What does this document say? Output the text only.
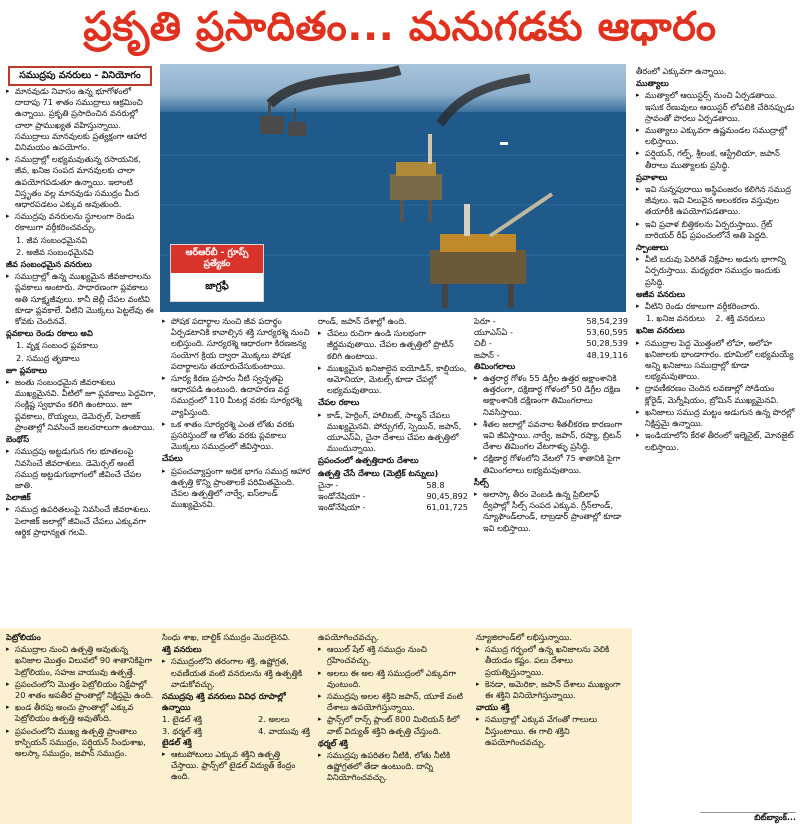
ప్రకృతి ప్రసాదితం... మనుగడకు ఆధారం
సముద్రపు వనరులు - వినియోగం

▸ మానవుడు నివాసం ఉన్న భూగోళంలో దాదాపు 71 శాతం సముద్రాలు ఆక్రమించి ఉన్నాయి. ప్రకృతి ప్రసాదించిన వనరుల్లో చాలా ప్రాముఖ్యత వహిస్తున్నాయి. సముద్రాలు మానవులకు ప్రత్యక్షంగా ఆహార వినిమయం ఉపయోగం.

▸ సముద్రాల్లో లభ్యమవుతున్న రసాయనిక, జీవ, ఖనిజ సంపద మానవులకు చాలా ఉపయోగపడుతూ ఉన్నాయి. ఇలాంటి విస్తృతం వల్ల మానవుడు సముద్రం మీద ఆధారపడటం ఎక్కువ అవుతుంది.

▸ సముద్రపు వనరులను స్థూలంగా రెండు రకాలుగా వర్గీకరించవచ్చు.

1. జీవ సంబంధమైనవి

2. అజీవ సంబంధమైనవి

జీవ సంబంధమైన వనరులు

▸ సముద్రాల్లో ఉన్న ముఖ్యమైన జీవజాలాలను ప్లవకాలు అంటారు. సాధారణంగా ప్లవకాలు అతి సూక్ష్మజీవులు. కానీ జెల్లీ చేపల వంటివి కూడా ప్లవకాలే. వీటిని మొక్కలు పెట్టలేవు ఈ కోవకు చెందినవే.

ప్లవకాలు రెండు రకాలు అవి

1. వృక్ష సంబంధ ప్లవకాలు

2. సముద్ర తృణాలు

జూ ప్లవకాలు

▸ జంతు సంబంధమైన జీవరాశులు ముఖ్యమైనవి. వీటిలో జూ ప్లవకాలు పెద్దవిగా, సంక్లిష్ట స్వభావం కలిగి ఉంటాయి. జూ ప్లవకాలు, రొయ్యలు, డెమెర్సల్, పెలాజిక్ ప్రాంతాల్లో నివసించే జలచరాలుగా ఉంటాయి.

బెంథోస్

▸ సముద్రపు అట్టడుగున గల భూతలంపై నివసించే జీవరాశులు. డెమెర్సల్ అంటే సముద్ర అట్టడుగుభాగంలో జీవించే చేపల జాతి.

పెలాజిక్

▸ సముద్ర ఉపరితలంపై నివసించే జీవరాశులు. పెలాజిక్ జలాల్లో జీవించే చేపలు ఎక్కువగా ఆర్థిక ప్రాధాన్యత గలవి.

ఆర్‌ఆర్‌బీ - గ్రూప్స్ ప్రత్యేకం
జాగ్రఫీ

▸ పోషక పదార్థాల నుంచి జీవ పదార్థం ఏర్పడటానికి కావాల్సిన శక్తి సూర్యరశ్మి నుంచి లభిస్తుంది. సూర్యరశ్మి ఆధారంగా కిరణజన్య సంయోగ క్రియ ద్వారా మొక్కలు పోషక పదార్థాలను తయారుచేసుకుంటాయి.

▸ సూర్య కిరణ ప్రసారం నీటి స్వచ్ఛతపై ఆధారపడి ఉంటుంది. ఉదాహరణ వద్ద సముద్రంలో 110 మీటర్ల వరకు సూర్యరశ్మి వ్యాపిస్తుంది.

▸ ఒక శాతం సూర్యరశ్మి ఎంత లోతు వరకు ప్రసరిస్తుందో ఆ లోతు వరకు ప్లవకాలు మొక్కలు సముద్రంలో జీవిస్తాయి.

చేపలు

▸ ప్రపంచవ్యాప్తంగా అధిక భాగం సముద్ర ఆహార ఉత్పత్తి కొన్ని ప్రాంతాలకే పరిమితమైంది. చేపల ఉత్పత్తిలో నార్వే, ఐస్‌లాండ్ ముఖ్యమైనవి.

రాండ్, జపాన్ దేశాల్లో ఉంది.

▸ చేపలు రుచిగా ఉండి సులభంగా జీర్ణమవుతాయి. చేపల ఉత్పత్తిలో ప్రొటీన్ కలిగి ఉంటాయి.

▸ ముఖ్యమైన ఖనిజాలైన ఐయోడిన్, కాల్షియం, అమోనియా, మెటల్స్ కూడా చేపల్లో లభ్యమవుతాయి.

చేపల రకాలు

▸ కాడ్, హెర్రింగ్, హాలిబట్, సాల్మన్ చేపలు ముఖ్యమైనవి. పోర్చుగల్, స్పెయిన్, జపాన్, యూఎస్‌ఏ, చైనా దేశాలు చేపల ఉత్పత్తిలో ముందున్నాయి.

ప్రపంచంలో ఉత్పత్తిదారు దేశాలు

ఉత్పత్తి చేసే దేశాలు (మెట్రిక్ టన్నులు)

చైనా -	58.8
ఇండోనేషియా -	90,45,892
ఇండోనేషియా -	61,01,725
పెరూ -	58,54,239
యూఎస్‌ఏ -	53,60,595
చిలీ -	50,28,539
జపాన్ -	48,19,116

తిమింగలాలు

▸ ఉత్తరార్ధ గోళం 55 డిగ్రీల ఉత్తర అక్షాంశానికి ఉత్తరంగా, దక్షిణార్ధ గోళంలో 50 డిగ్రీల దక్షిణ అక్షాంశానికి దక్షిణంగా తిమింగలాలు నివసిస్తాయి.

▸ శీతల జలాల్లో పవనాల శీతలీకరణ కారణంగా ఇవి జీవిస్తాయి. నార్వే, జపాన్, రష్యా, బ్రిటన్ దేశాల తిమింగల వేటగాళ్ళు ప్రసిద్ధి.

▸ దక్షిణార్ధ గోళంలోని వేటలో 75 శాతానికి పైగా తిమింగలాలు లభ్యమవుతాయి.

సీల్స్

▸ అలాస్కా తీరం వెంబడి ఉన్న ప్రిబిలాఫ్ ద్వీపాల్లో సీల్స్ సంపద ఎక్కువ. గ్రీన్‌లాండ్, న్యూఫౌండ్‌లాండ్, లాబ్రడార్ ప్రాంతాల్లో కూడా ఇవి లభిస్తాయి.

తీరంలో ఎక్కువగా ఉన్నాయి.

ముత్యాలు

▸ ముత్యాలో ఆయిస్టర్స్ నుంచి ఏర్పడతాయి. ఇసుక రేణువులు ఆయిస్టర్ లోపలికి చేరినప్పుడు స్రావంతో పొరలు ఏర్పడతాయి.

▸ ముత్యాలు ఎక్కువగా ఉష్ణమండల సముద్రాల్లో లభిస్తాయి.

▸ పర్షియన్, గల్ఫ్, శ్రీలంక, ఆస్ట్రేలియా, జపాన్ తీరాలు ముత్యాలకు ప్రసిద్ధి.

ప్రవాళాలు

▸ ఇవి సున్నపురాయి అస్థిపంజరం కలిగిన సముద్ర జీవులు. ఇవి విలువైన అలంకరణ వస్తువుల తయారీకి ఉపయోగపడతాయి.

▸ ఇవి ప్రవాళ బిత్తికలను ఏర్పరుస్తాయి. గ్రేట్ బారియర్ రీఫ్ ప్రపంచంలోనే అతి పెద్దది.

స్పాంజులు

▸ వీటి బరువు పెరిగితే నిక్షేపాల అడుగు భాగాన్ని ఏర్పరుస్తాయి. మధ్యధరా సముద్రం ఇందుకు ప్రసిద్ధి.

అజీవ వనరులు

▸ వీటిని రెండు రకాలుగా వర్గీకరించారు.

1. ఖనిజ వనరులు 2. శక్తి వనరులు

ఖనిజ వనరులు

▸ సముద్రాల పెద్ద మొత్తంలో లోహ, అలోహ ఖనిజాలకు భాండాగారం. భూమిలో లభ్యమయ్యే అన్ని ఖనిజాలు సముద్రాల్లో కూడా లభ్యమవుతాయి.

▸ ద్రావణీకరణం చెందిన లవణాల్లో సోడియం క్లోరైడ్, మెగ్నీషియం, బ్రోమిన్ ముఖ్యమైనవి.

▸ ఖనిజాలు సముద్ర మట్టం అడుగున ఉన్న పొరల్లో నిక్షిప్తమై ఉన్నాయి.

▸ ఇండియాలోని కేరళ తీరంలో ఇల్మెనైట్, మోనజైట్ లభిస్తాయి.

బిట్‌బ్యాంక్...

పెట్రోలియం

▸ సముద్రాల నుంచి ఉత్పత్తి అవుతున్న ఖనిజాల మొత్తం విలువలో 90 శాతానికిపైగా పెట్రోలియం, సహజ వాయువు ఉత్పత్తే.

▸ ప్రపంచంలోని మొత్తం పెట్రోలియం నిక్షేపాల్లో 20 శాతం అపతీర ప్రాంతాల్లో నిక్షిప్తమై ఉంది.

▸ ఖండ తీరపు అంచు ప్రాంతాల్లో ఎక్కువ పెట్రోలియం ఉత్పత్తి అవుతోంది.

▸ ప్రపంచంలోని ముఖ్య ఉత్పత్తి ప్రాంతాలు కాస్పియన్ సముద్రం, పర్షియన్ సింధుశాఖ, అలస్కా సముద్రం, జపాన్ సముద్రం.

సింధు శాఖ, బాల్టిక్ సముద్రం మొదలైనవి.

శక్తి వనరులు

▸ సముద్రంలోని తరంగాల శక్తి, ఉష్ణోగ్రత, లవణీయత వంటి వనరులను శక్తి ఉత్పత్తికి వాడుకోవచ్చు.

సముద్రపు శక్తి వనరులు వివిధ రూపాల్లో ఉన్నాయి

1. టైడల్ శక్తి	2. అలలు
3. థర్మల్ శక్తి	4. వాయువు శక్తి

టైడల్ శక్తి

▸ ఆటుపోటులు ఎక్కువ శక్తిని ఉత్పత్తి చేస్తాయి. ఫ్రాన్స్‌లో టైడల్ విద్యుత్ కేంద్రం ఉంది.

ఉపయోగించవచ్చు.

▸ ఆయిల్ షేల్ శక్తి సముద్రం నుంచి గ్రహించవచ్చు.

▸ అలలు ఈ అల శక్తి సముద్రంలో ఎక్కువగా వుంటుంది.

▸ సముద్రపు అలల శక్తిని జపాన్, యూకే వంటి దేశాలు ఉపయోగిస్తున్నాయి.

▸ ఫ్రాన్స్‌లో రాన్స్ ప్లాంట్ 800 మిలియన్ కిలో వాట్ విద్యుత్ శక్తిని ఉత్పత్తి చేస్తుంది.

థర్మల్ శక్తి

▸ సముద్రపు ఉపరితల నీటికి, లోతు నీటికి ఉష్ణోగ్రతలో తేడా ఉంటుంది. దాన్ని వినియోగించవచ్చు.

న్యూజిలాండ్‌లో లభిస్తున్నాయి.

▸ సముద్ర గర్భంలో ఉన్న ఖనిజాలను వెలికి తీయడం కష్టం. పలు దేశాలు ప్రయత్నిస్తున్నాయి.

▸ కెనడా, అమెరికా, జపాన్ దేశాలు ముఖ్యంగా ఈ శక్తిని వినియోగిస్తున్నాయి.

వాయు శక్తి

▸ సముద్రాల్లో ఎక్కువ వేగంతో గాలులు వీస్తుంటాయి. ఈ గాలి శక్తిని ఉపయోగించవచ్చు.
